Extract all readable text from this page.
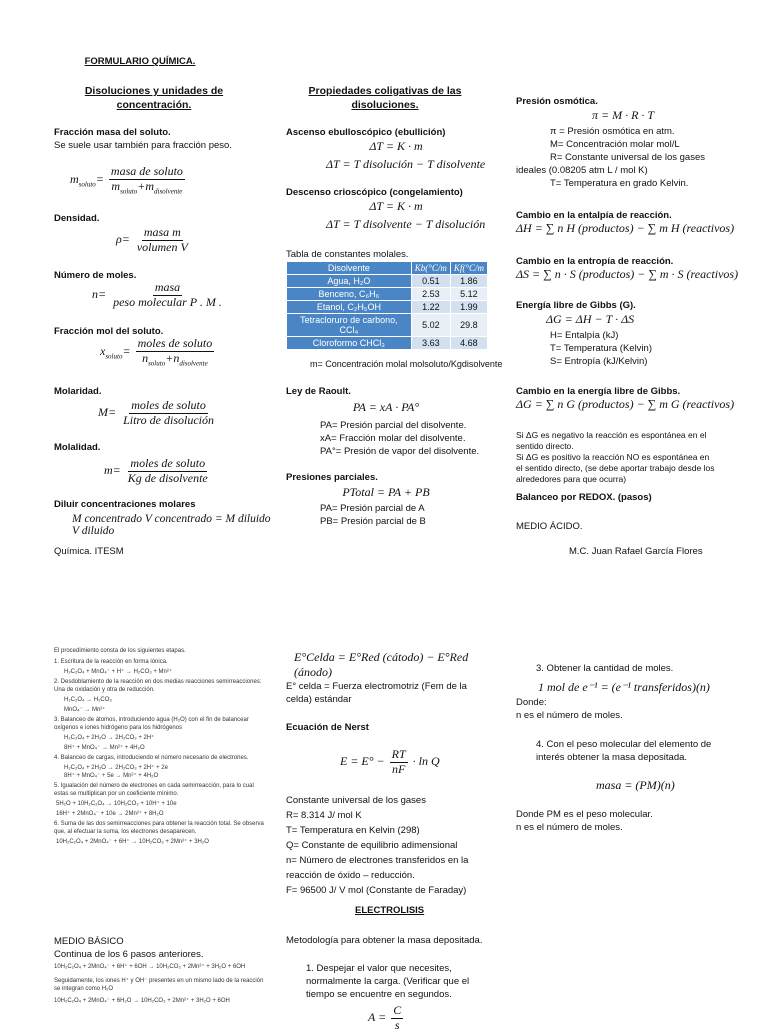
FORMULARIO QUÍMICA.
Disoluciones y unidades de concentración.
Fracción masa del soluto.
Se suele usar también para fracción peso.
$m_{soluto}=$
masa de soluto
$m_{soluto}+m_{disolvente}$
Densidad.
ρ=
masa m
volumen V
Número de moles.
n=
masa
peso molecular P . M .
Fracción mol del soluto.
$x_{soluto}=$
moles de soluto
$n_{soluto}+n_{disolvente}$
Molaridad.
M=
moles de soluto
Litro de disolución
Molalidad.
m=
moles de soluto
Kg de disolvente
Diluir concentraciones molares
M concentrado V concentrado = M diluido V diluido
Química. ITESM
Propiedades coligativas de las disoluciones.
Ascenso ebulloscópico (ebullición)
ΔT = K · m
ΔT = T disolución − T disolvente
Descenso crioscópico (congelamiento)
ΔT = K · m
ΔT = T disolvente − T disolución
Tabla de constantes molales.
Disolvente	Kb(°C/m	Kf(°C/m
Agua, H₂O	0.51	1.86
Benceno, C₆H₆	2.53	5.12
Etanol, C₂H₅OH	1.22	1.99
Tetracloruro de carbono, CCl₄	5.02	29.8
Cloroformo CHCl₃	3.63	4.68
m= Concentración molal molsoluto/Kgdisolvente
Ley de Raoult.
PA = xA · PA°
PA= Presión parcial del disolvente.
xA= Fracción molar del disolvente.
PA°= Presión de vapor del disolvente.
Presiones parciales.
PTotal = PA + PB
PA= Presión parcial de A
PB= Presión parcial de B
Presión osmótica.
π = M · R · T
π = Presión osmótica en atm.
M= Concentración molar mol/L
R= Constante universal de los gases
ideales (0.08205 atm L / mol K)
T= Temperatura en grado Kelvin.
Cambio en la entalpía de reacción.
ΔH = ∑ n H (productos) − ∑ m H (reactivos)
Cambio en la entropía de reacción.
ΔS = ∑ n · S (productos) − ∑ m · S (reactivos)
Energía libre de Gibbs (G).
ΔG = ΔH − T · ΔS
H= Entalpía (kJ)
T= Temperatura (Kelvin)
S= Entropía (kJ/Kelvin)
Cambio en la energía libre de Gibbs.
ΔG = ∑ n G (productos) − ∑ m G (reactivos)
Si ΔG es negativo la reacción es espontánea en el sentido directo.
Si ΔG es positivo la reacción NO es espontánea en el sentido directo, (se debe aportar trabajo desde los alrededores para que ocurra)
Balanceo por REDOX. (pasos)
MEDIO ÁCIDO.
M.C. Juan Rafael García Flores
El procedimiento consta de los siguientes etapas.
1. Escritura de la reacción en forma iónica.
H₂C₂O₄ + MnO₄⁻ + H⁺ → H₂CO₃ + Mn²⁺
2. Desdoblamiento de la reacción en dos medias reacciones semirreacciones: Una de oxidación y otra de reducción.
H₂C₂O₄ → H₂CO₃
MnO₄⁻ → Mn²⁺
3. Balanceo de átomos, introduciendo agua (H₂O) con el fin de balancear oxígenos e iones hidrógeno para los hidrógenos
H₂C₂O₄ + 2H₂O → 2H₂CO₃ + 2H⁺
8H⁺ + MnO₄⁻ → Mn²⁺ + 4H₂O
4. Balanceo de cargas, introduciendo el número necesario de electrones.
H₂C₂O₄ + 2H₂O → 2H₂CO₃ + 2H⁺ + 2e
8H⁺ + MnO₄⁻ + 5e → Mn²⁺ + 4H₂O
5. Igualación del número de electrones en cada semirreacción, para lo cual estas se multiplican por un coeficiente mínimo.
5H₂O + 10H₂C₂O₄ → 10H₂CO₃ + 10H⁺ + 10e
16H⁺ + 2MnO₄⁻ + 10e → 2Mn²⁺ + 8H₂O
6. Suma de las dos semirreacciones para obtener la reacción total. Se observa que, al efectuar la suma, los electrones desaparecen.
10H₂C₂O₄ + 2MnO₄⁻ + 6H⁺ → 10H₂CO₃ + 2Mn²⁺ + 3H₂O
MEDIO BÁSICO
Continua de los 6 pasos anteriores.
10H₂C₂O₄ + 2MnO₄⁻ + 6H⁺ + 6OH → 10H₂CO₃ + 2Mn²⁺ + 3H₂O + 6OH
Seguidamente, los iones H⁺ y OH⁻ presentes en un mismo lado de la reacción se integran como H₂O
10H₂C₂O₄ + 2MnO₄⁻ + 6H₂O → 10H₂CO₃ + 2Mn²⁺ + 3H₂O + 6OH
E°Celda = E°Red (cátodo) − E°Red (ánodo)
E° celda = Fuerza electromotriz (Fem de la celda) estándar
Ecuación de Nerst
$E = E^\circ - \frac{RT}{nF} \cdot \ln Q$
Constante universal de los gases
R= 8.314 J/ mol K
T= Temperatura en Kelvin (298)
Q= Constante de equilibrio adimensional
n= Número de electrones transferidos en la
reacción de óxido – reducción.
F= 96500 J/ V mol (Constante de Faraday)
ELECTROLISIS
Metodología para obtener la masa depositada.
1. Despejar el valor que necesites, normalmente la carga. (Verificar que el tiempo se encuentre en segundos.
$A = \frac{C}{s}$
3. Obtener la cantidad de moles.
1 mol de e⁻¹ = (e⁻¹ transferidos)(n)
Donde:
n es el número de moles.
4. Con el peso molecular del elemento de interés obtener la masa depositada.
masa = (PM)(n)
Donde PM es el peso molecular.
n es el número de moles.
